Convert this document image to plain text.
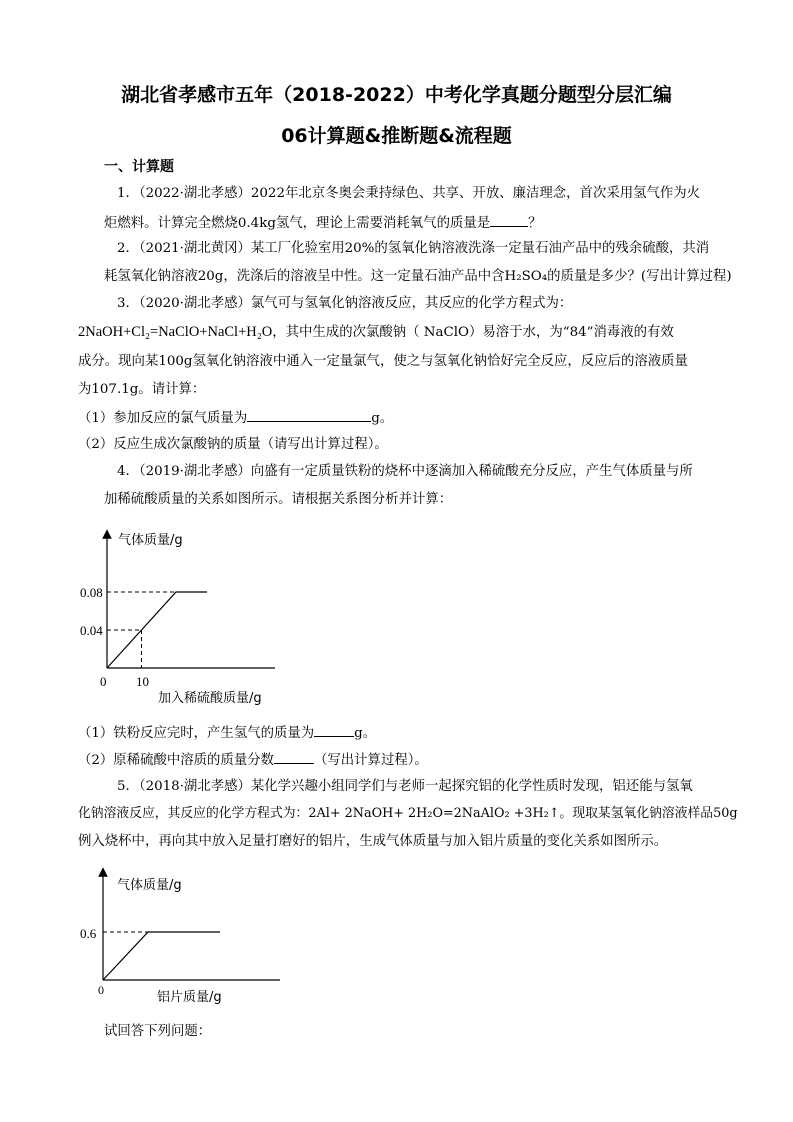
湖北省孝感市五年（2018-2022）中考化学真题分题型分层汇编
06计算题&推断题&流程题
一、计算题
1．（2022·湖北孝感）2022年北京冬奥会秉持绿色、共享、开放、廉洁理念，首次采用氢气作为火
炬燃料。计算完全燃烧0.4kg氢气，理论上需要消耗氧气的质量是	？
2．（2021·湖北黄冈）某工厂化验室用20%的氢氧化钠溶液洗涤一定量石油产品中的残余硫酸，共消
耗氢氧化钠溶液20g，洗涤后的溶液呈中性。这一定量石油产品中含H₂SO₄的质量是多少？(写出计算过程)
3．（2020·湖北孝感）氯气可与氢氧化钠溶液反应，其反应的化学方程式为：
2NaOH+Cl₂=NaClO+NaCl+H₂O，其中生成的次氯酸钠（ NaClO）易溶于水，为“84”消毒液的有效
成分。现向某100g氢氧化钠溶液中通入一定量氯气，使之与氢氧化钠恰好完全反应，反应后的溶液质量
为107.1g。请计算：
（1）参加反应的氯气质量为	g。
（2）反应生成次氯酸钠的质量（请写出计算过程）。
4．（2019·湖北孝感）向盛有一定质量铁粉的烧杯中逐滴加入稀硫酸充分反应，产生气体质量与所
加稀硫酸质量的关系如图所示。请根据关系图分析并计算：
气体质量/g
加入稀硫酸质量/g
0 10
0.04
0.08
（1）铁粉反应完时，产生氢气的质量为	g。
（2）原稀硫酸中溶质的质量分数	（写出计算过程）。
5．（2018·湖北孝感）某化学兴趣小组同学们与老师一起探究铝的化学性质时发现，铝还能与氢氧
化钠溶液反应，其反应的化学方程式为：2Al+ 2NaOH+ 2H₂O=2NaAlO₂ +3H₂↑。现取某氢氧化钠溶液样品50g
例入烧杯中，再向其中放入足量打磨好的铝片，生成气体质量与加入铝片质量的变化关系如图所示。
气体质量/g
铝片质量/g
0
0.6
试回答下列问题：
